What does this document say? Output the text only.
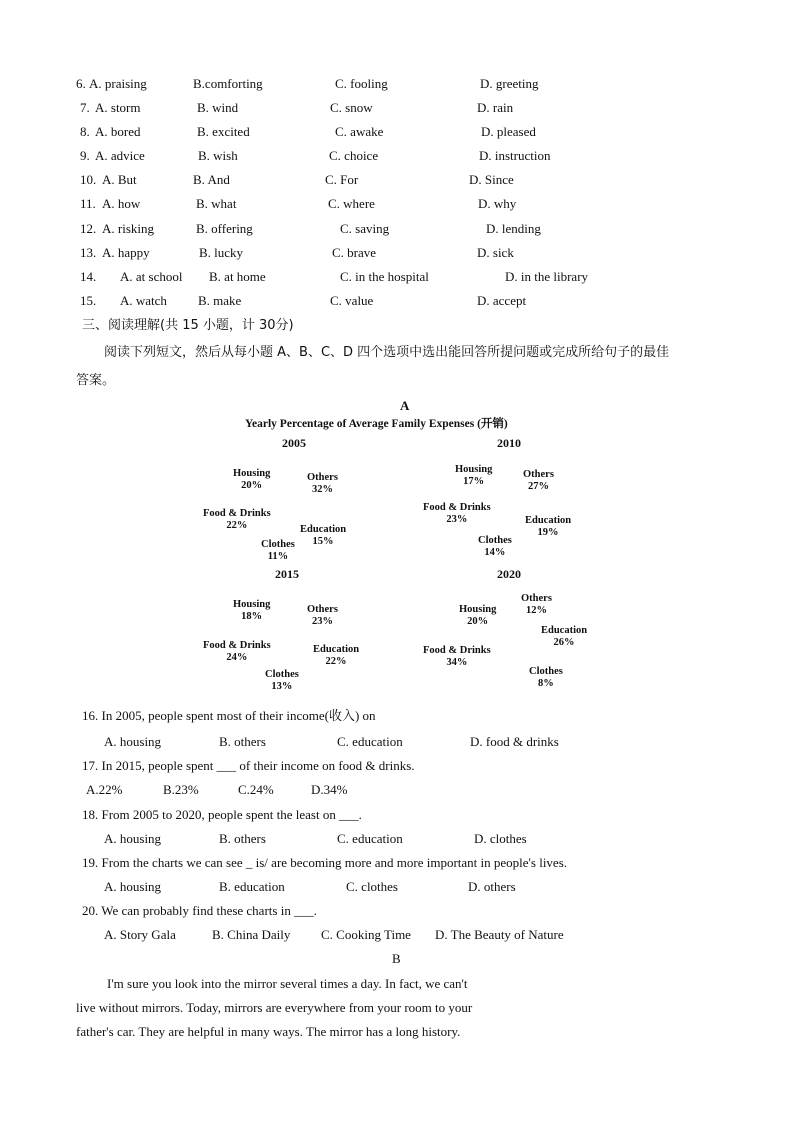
6. A. praising	B.comforting	C. fooling	D. greeting
7. A. storm	B. wind	C. snow	D. rain
8. A. bored	B. excited	C. awake	D. pleased
9. A. advice	B. wish	C. choice	D. instruction
10. A. But	B. And	C. For	D. Since
11. A. how	B. what	C. where	D. why
12. A. risking	B. offering	C. saving	D. lending
13. A. happy	B. lucky	C. brave	D. sick
14. A. at school B. at home	C. in the hospital	D. in the library
15. A. watch B. make	C. value	D. accept
三、阅读理解(共 15 小题，计 30分)
阅读下列短文，然后从每小题 A、B、C、D 四个选项中选出能回答所提问题或完成所给句子的最佳
答案。
A
Yearly Percentage of Average Family Expenses (开销)
2005
Housing
20%
Others
32%
Food & Drinks
22%	Education
15%
Clothes
11%
2010
Housing
17%
Others
27%
Food & Drinks
23%	Education
19%
Clothes
14%
2015
Housing
18%
Others
23%
Food & Drinks
24%
Education
22%
Clothes
13%
2020
Housing
20%
Others
12%
Food & Drinks
34%
Education
26%
Clothes
8%
16. In 2005, people spent most of their income(收入) on
A. housing	B. others	C. education	D. food & drinks
17. In 2015, people spent ___ of their income on food & drinks.
A.22%	B.23%	C.24%	D.34%
18. From 2005 to 2020, people spent the least on ___.
A. housing	B. others	C. education	D. clothes
19. From the charts we can see _ is/ are becoming more and more important in people's lives.
A. housing	B. education	C. clothes	D. others
20. We can probably find these charts in ___.
A. Story Gala	B. China Daily C. Cooking Time D. The Beauty of Nature
B
I'm sure you look into the mirror several times a day. In fact, we can't
live without mirrors. Today, mirrors are everywhere from your room to your
father's car. They are helpful in many ways. The mirror has a long history.
